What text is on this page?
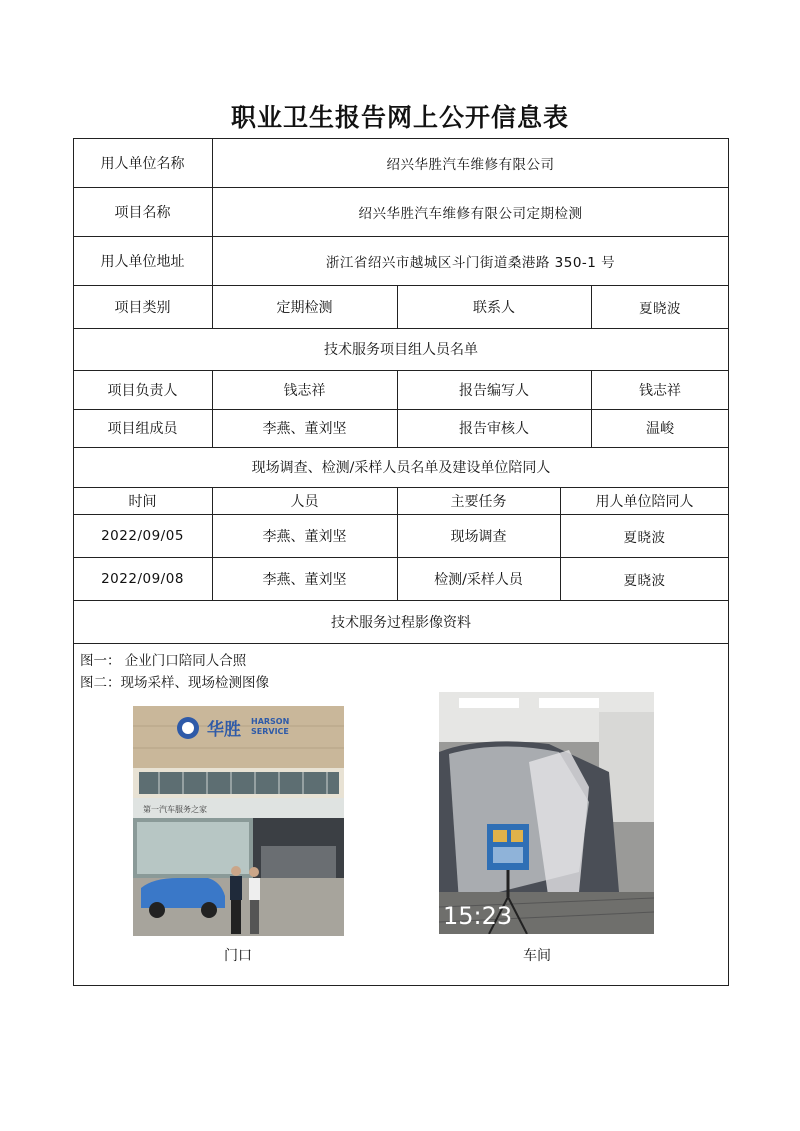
职业卫生报告网上公开信息表
用人单位名称	绍兴华胜汽车维修有限公司
项目名称	绍兴华胜汽车维修有限公司定期检测
用人单位地址	浙江省绍兴市越城区斗门街道桑港路 350-1 号
项目类别	定期检测	联系人	夏晓波
技术服务项目组人员名单
项目负责人	钱志祥	报告编写人	钱志祥
项目组成员	李燕、董刘坚	报告审核人	温峻
现场调查、检测/采样人员名单及建设单位陪同人
时间	人员	主要任务	用人单位陪同人
2022/09/05	李燕、董刘坚	现场调查	夏晓波
2022/09/08	李燕、董刘坚	检测/采样人员	夏晓波
技术服务过程影像资料
图一： 企业门口陪同人合照
图二：现场采样、现场检测图像
华胜 HARSON
SERVICE
第一汽车服务之家
门口
15:23
车间
